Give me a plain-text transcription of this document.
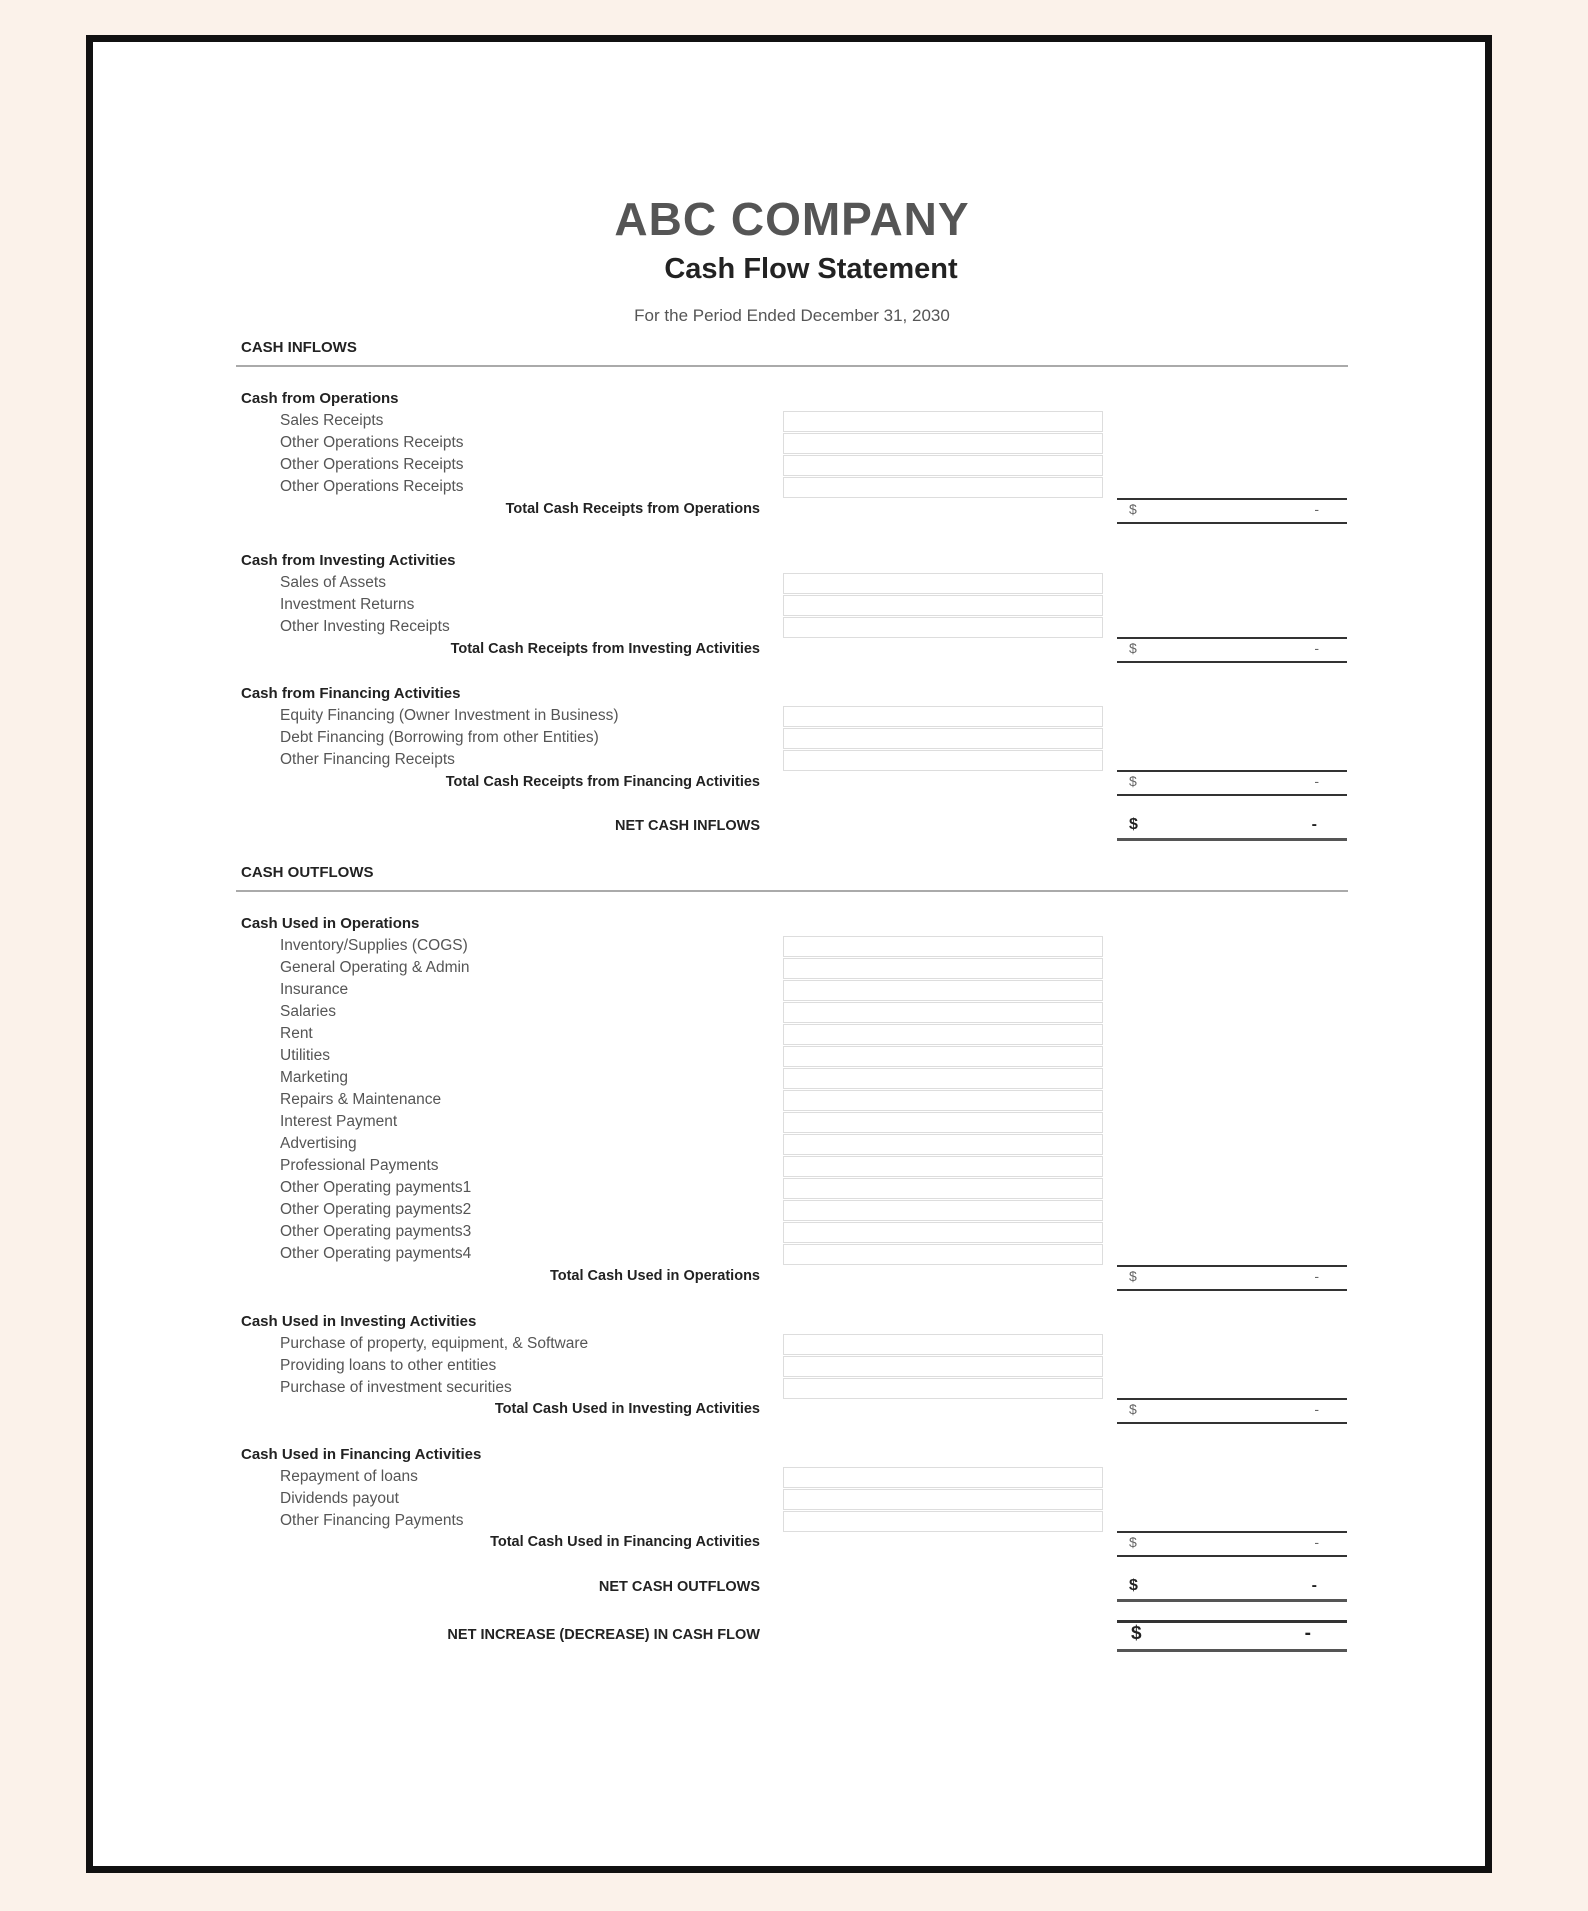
ABC COMPANY
Cash Flow Statement
For the Period Ended December 31, 2030
CASH INFLOWS
Cash from Operations
Sales Receipts
Other Operations Receipts
Other Operations Receipts
Other Operations Receipts
Total Cash Receipts from Operations	$	-
Cash from Investing Activities
Sales of Assets
Investment Returns
Other Investing Receipts
Total Cash Receipts from Investing Activities	$	-
Cash from Financing Activities
Equity Financing (Owner Investment in Business)
Debt Financing (Borrowing from other Entities)
Other Financing Receipts
Total Cash Receipts from Financing Activities	$	-
NET CASH INFLOWS	$	-
CASH OUTFLOWS
Cash Used in Operations
Inventory/Supplies (COGS)
General Operating & Admin
Insurance
Salaries
Rent
Utilities
Marketing
Repairs & Maintenance
Interest Payment
Advertising
Professional Payments
Other Operating payments1
Other Operating payments2
Other Operating payments3
Other Operating payments4
Total Cash Used in Operations	$	-
Cash Used in Investing Activities
Purchase of property, equipment, & Software
Providing loans to other entities
Purchase of investment securities
Total Cash Used in Investing Activities	$	-
Cash Used in Financing Activities
Repayment of loans
Dividends payout
Other Financing Payments
Total Cash Used in Financing Activities	$	-
NET CASH OUTFLOWS	$	-
NET INCREASE (DECREASE) IN CASH FLOW	$	-
